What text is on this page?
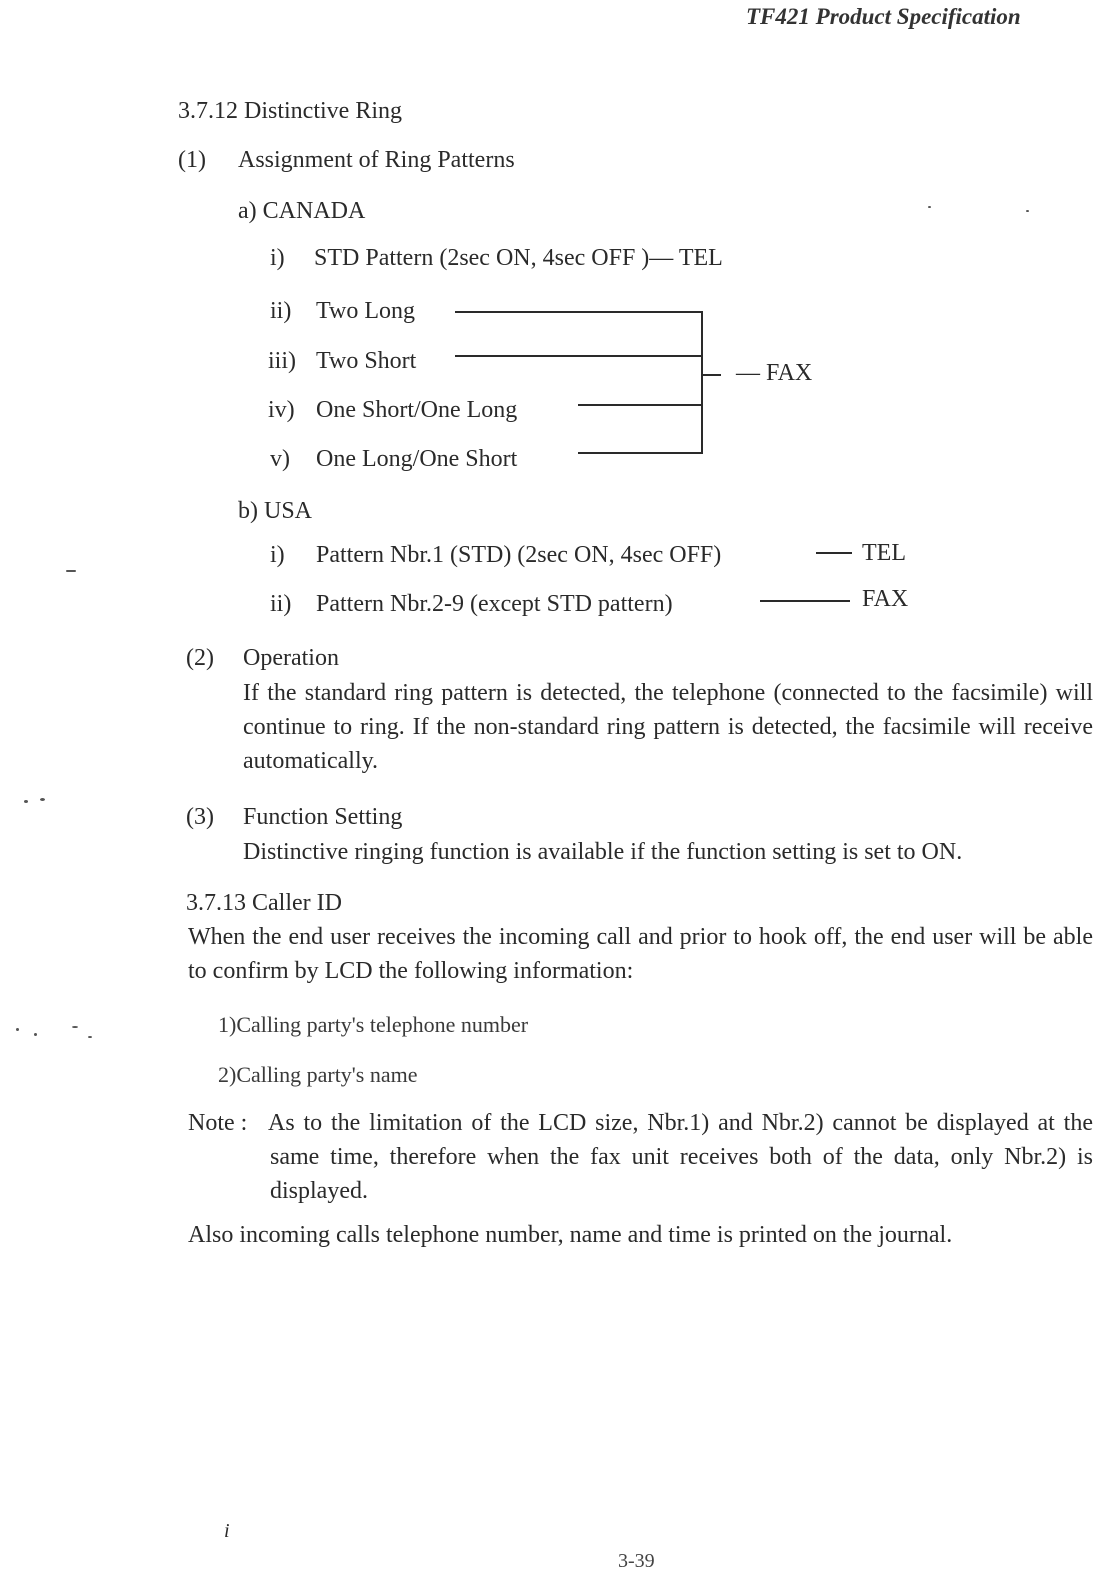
TF421 Product Specification
3.7.12 Distinctive Ring
(1) Assignment of Ring Patterns
a) CANADA
i) STD Pattern (2sec ON, 4sec OFF )— TEL
ii) Two Long
iii) Two Short
iv) One Short/One Long
v) One Long/One Short
— FAX
b) USA
i) Pattern Nbr.1 (STD) (2sec ON, 4sec OFF)	TEL
ii) Pattern Nbr.2-9 (except STD pattern)	FAX
(2) Operation
If the standard ring pattern is detected, the telephone (connected to the facsimile) will continue to ring. If the non-standard ring pattern is detected, the facsimile will receive automatically.
(3) Function Setting
Distinctive ringing function is available if the function setting is set to ON.
3.7.13 Caller ID
When the end user receives the incoming call and prior to hook off, the end user will be able to confirm by LCD the following information:
1)Calling party's telephone number
2)Calling party's name
Note : As to the limitation of the LCD size, Nbr.1) and Nbr.2) cannot be displayed at the same time, therefore when the fax unit receives both of the data, only Nbr.2) is displayed.
Also incoming calls telephone number, name and time is printed on the journal.
i
3-39
